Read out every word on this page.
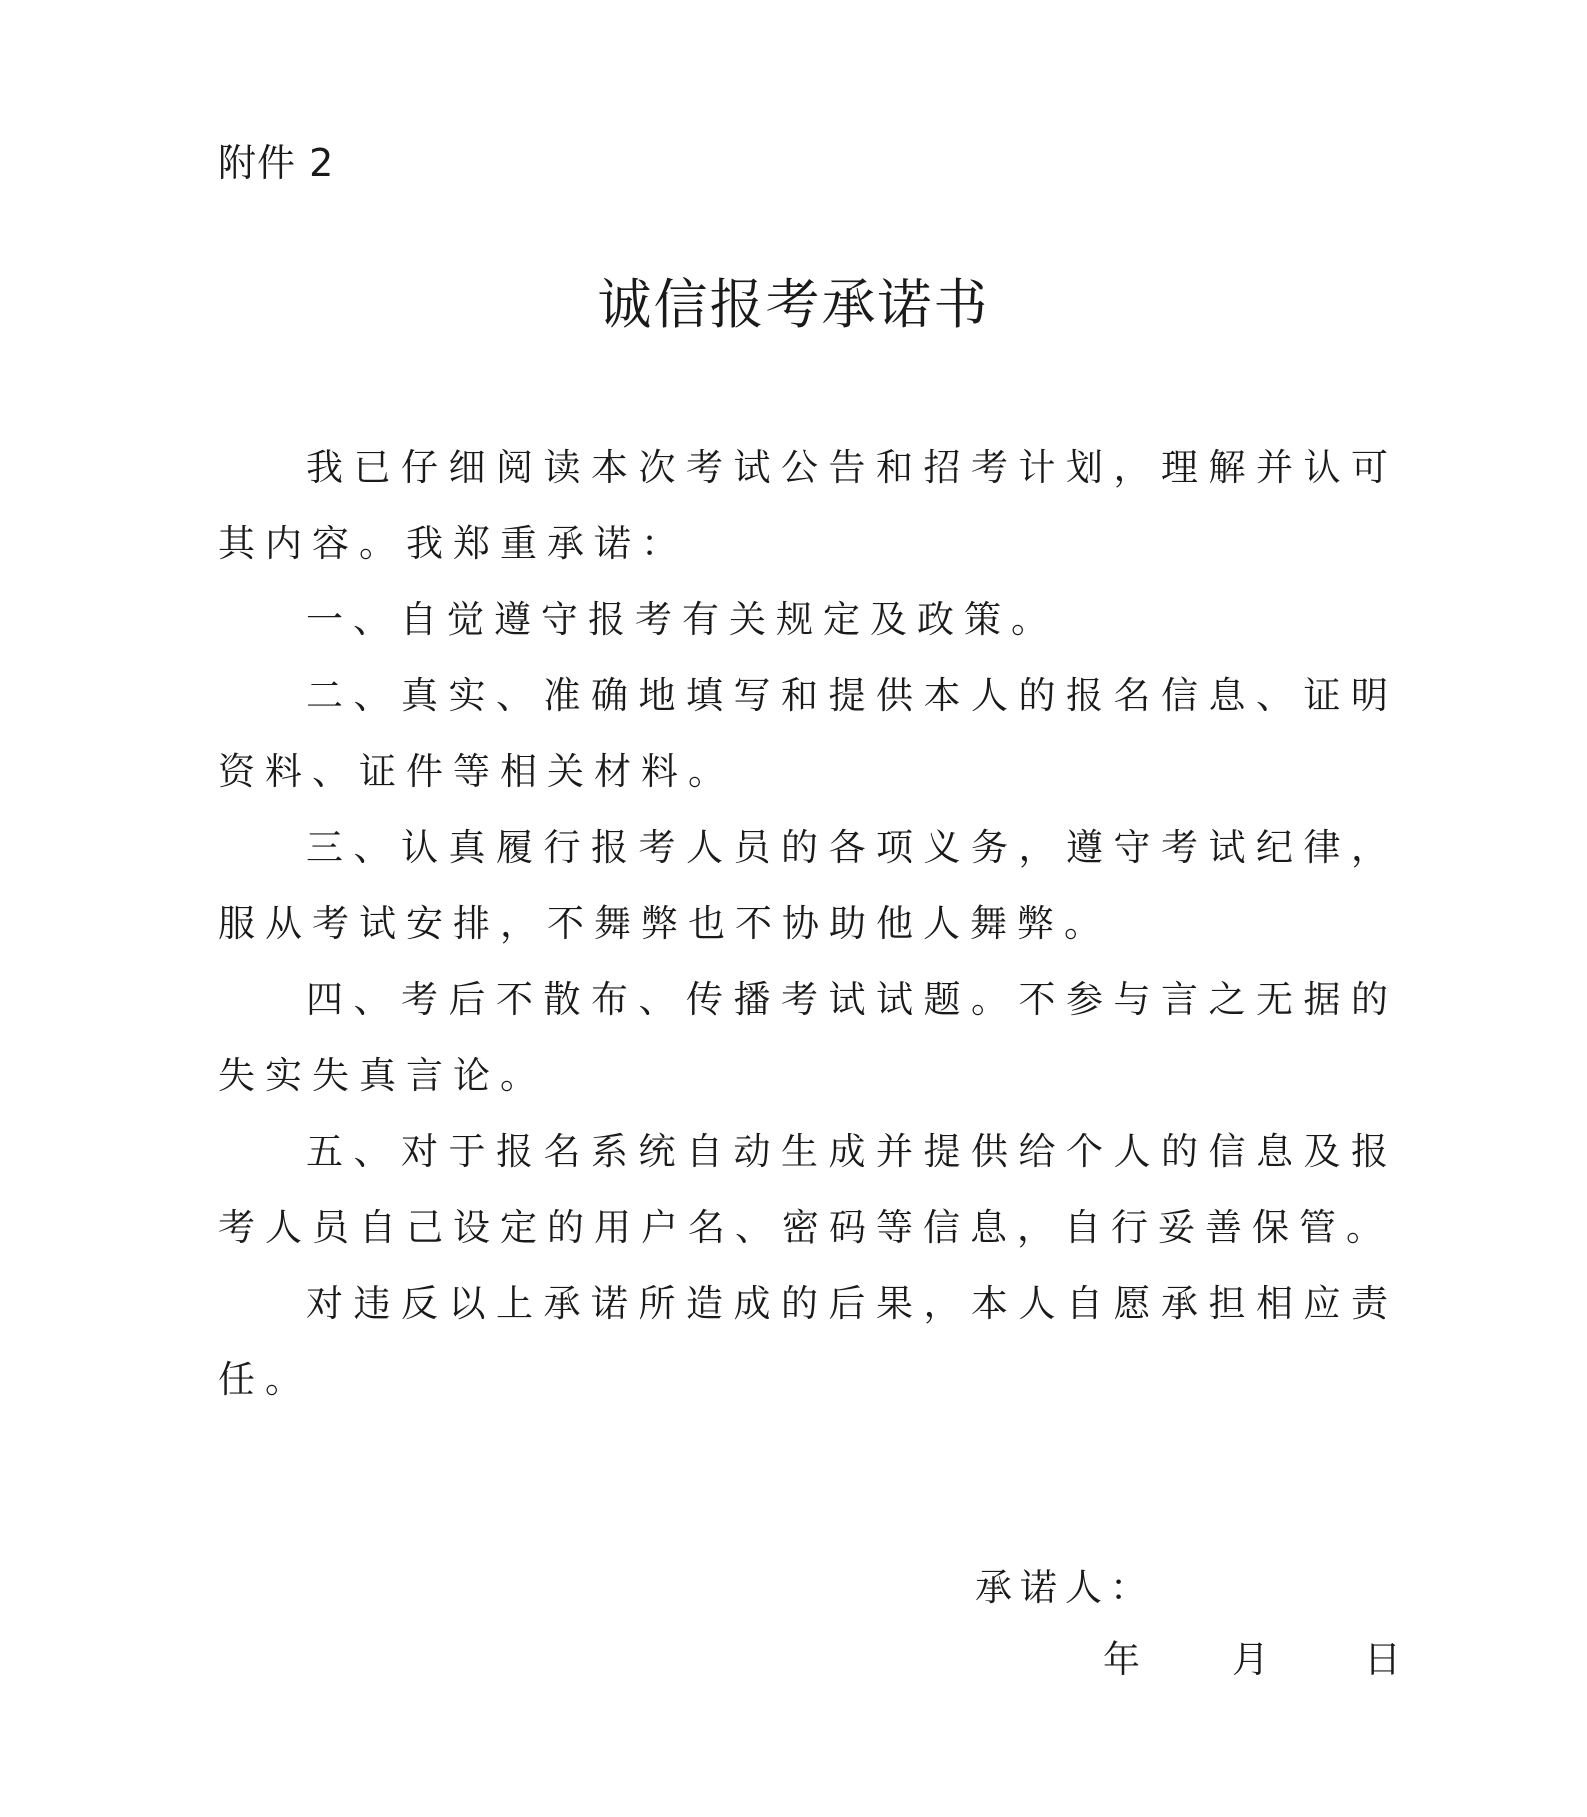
附件 2
诚信报考承诺书

我已仔细阅读本次考试公告和招考计划，理解并认可其内容。我郑重承诺：

一、自觉遵守报考有关规定及政策。

二、真实、准确地填写和提供本人的报名信息、证明资料、证件等相关材料。

三、认真履行报考人员的各项义务，遵守考试纪律，服从考试安排，不舞弊也不协助他人舞弊。

四、考后不散布、传播考试试题。不参与言之无据的失实失真言论。

五、对于报名系统自动生成并提供给个人的信息及报考人员自己设定的用户名、密码等信息，自行妥善保管。

对违反以上承诺所造成的后果，本人自愿承担相应责任。

承诺人：
年 月	日
